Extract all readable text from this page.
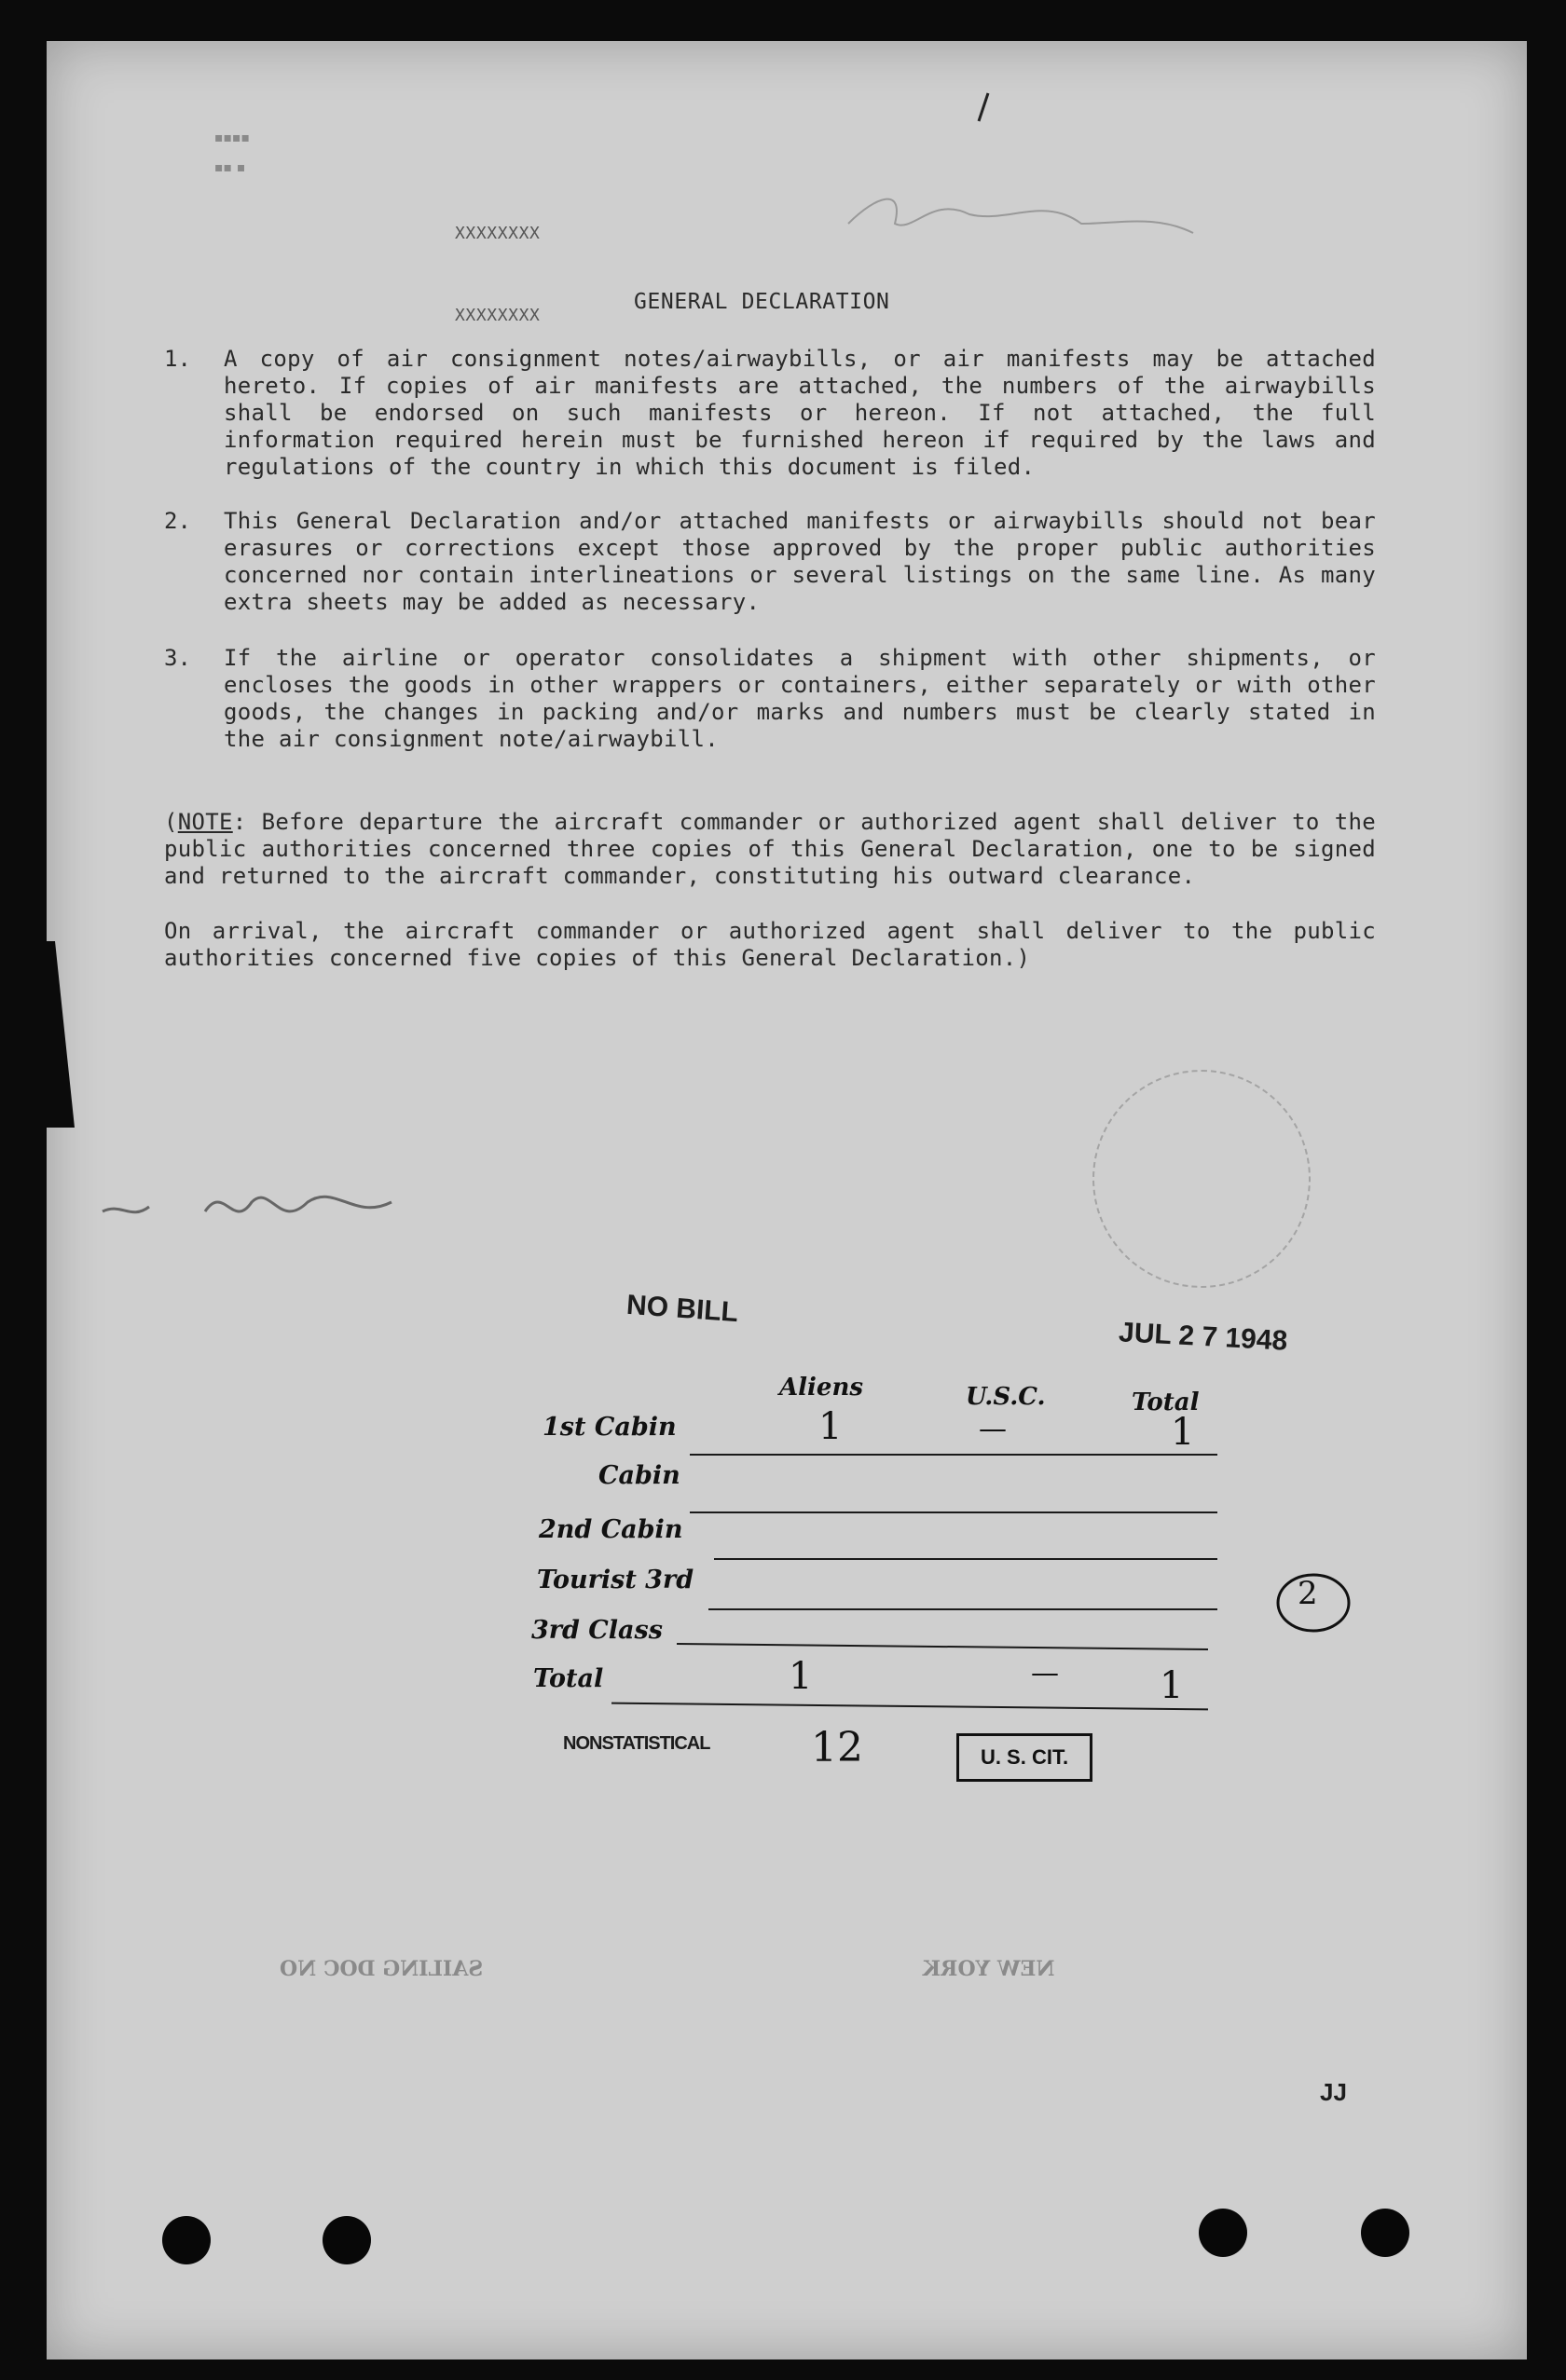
▪▪▪▪
▪▪ ▪
XXXXXXXX
XXXXXXXX
GENERAL DECLARATION
1. A copy of air consignment notes/airwaybills, or air manifests may be attached hereto. If copies of air manifests are attached, the numbers of the airwaybills shall be endorsed on such manifests or hereon. If not attached, the full information required herein must be furnished hereon if required by the laws and regulations of the country in which this document is filed.
2. This General Declaration and/or attached manifests or airwaybills should not bear erasures or corrections except those approved by the proper public authorities concerned nor contain interlineations or several listings on the same line. As many extra sheets may be added as necessary.
3. If the airline or operator consolidates a shipment with other shipments, or encloses the goods in other wrappers or containers, either separately or with other goods, the changes in packing and/or marks and numbers must be clearly stated in the air consignment note/airwaybill.
(NOTE: Before departure the aircraft commander or authorized agent shall deliver to the public authorities concerned three copies of this General Declaration, one to be signed and returned to the aircraft commander, constituting his outward clearance.
On arrival, the aircraft commander or authorized agent shall deliver to the public authorities concerned five copies of this General Declaration.)
NO BILL
JUL 2 7 1948
Aliens	U.S.C.	Total
1st Cabin	1	—	1
Cabin
2nd Cabin
Tourist 3rd
3rd Class
Total	1	—	1
2
NONSTATISTICAL 12	U. S. CIT.
SAILING DOC NO	NEW YORK
JJ
